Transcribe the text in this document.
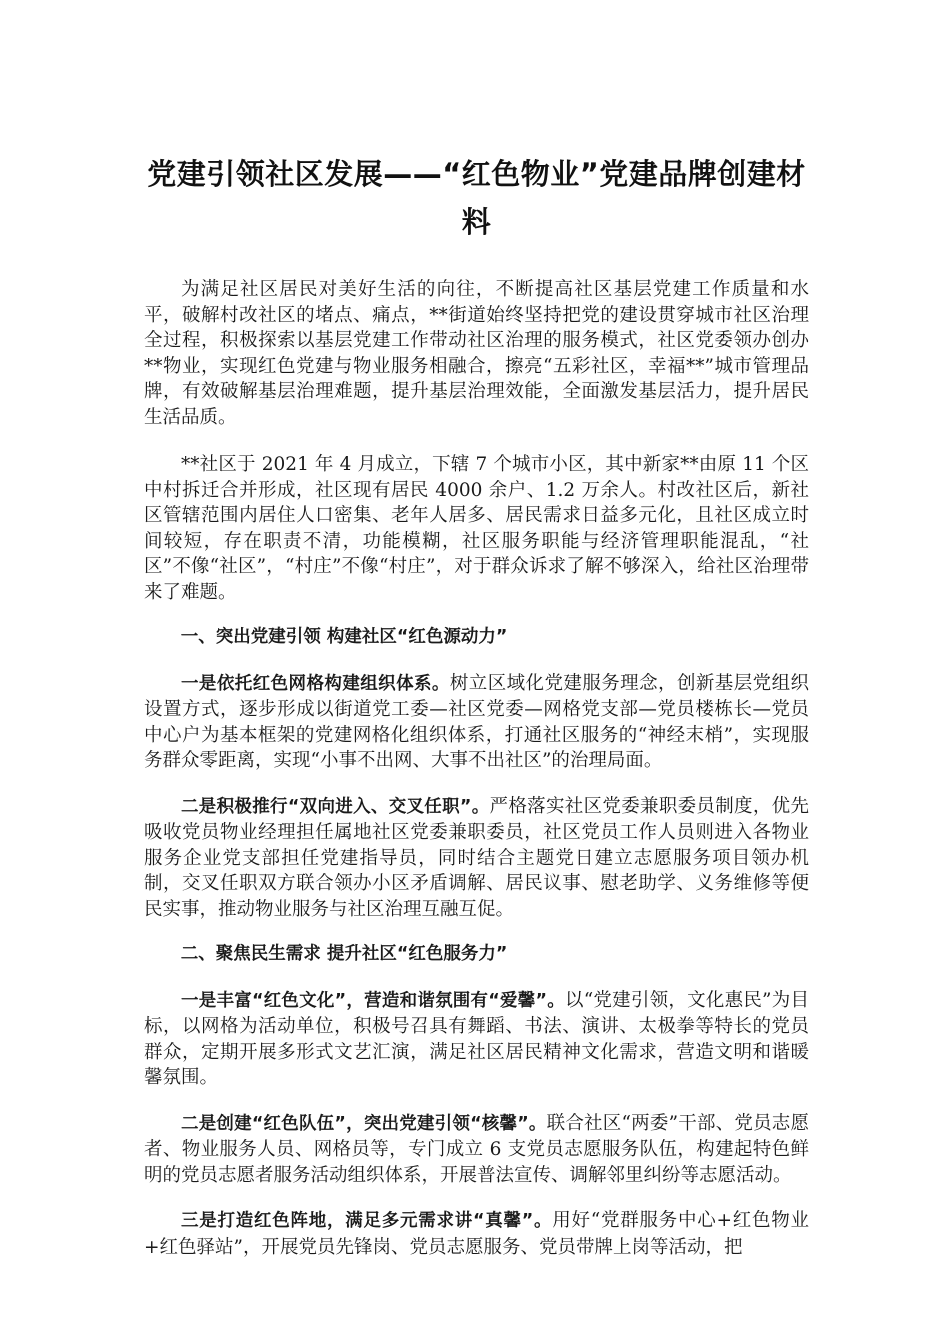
党建引领社区发展——“红色物业”党建品牌创建材料

为满足社区居民对美好生活的向往，不断提高社区基层党建工作质量和水平，破解村改社区的堵点、痛点，**街道始终坚持把党的建设贯穿城市社区治理全过程，积极探索以基层党建工作带动社区治理的服务模式，社区党委领办创办**物业，实现红色党建与物业服务相融合，擦亮“五彩社区，幸福**”城市管理品牌，有效破解基层治理难题，提升基层治理效能，全面激发基层活力，提升居民生活品质。

**社区于 2021 年 4 月成立，下辖 7 个城市小区，其中新家**由原 11 个区中村拆迁合并形成，社区现有居民 4000 余户、1.2 万余人。村改社区后，新社区管辖范围内居住人口密集、老年人居多、居民需求日益多元化，且社区成立时间较短，存在职责不清，功能模糊，社区服务职能与经济管理职能混乱，“社区”不像“社区”，“村庄”不像“村庄”，对于群众诉求了解不够深入，给社区治理带来了难题。

一、突出党建引领 构建社区“红色源动力”

一是依托红色网格构建组织体系。树立区域化党建服务理念，创新基层党组织设置方式，逐步形成以街道党工委—社区党委—网格党支部—党员楼栋长—党员中心户为基本框架的党建网格化组织体系，打通社区服务的“神经末梢”，实现服务群众零距离，实现“小事不出网、大事不出社区”的治理局面。

二是积极推行“双向进入、交叉任职”。严格落实社区党委兼职委员制度，优先吸收党员物业经理担任属地社区党委兼职委员，社区党员工作人员则进入各物业服务企业党支部担任党建指导员，同时结合主题党日建立志愿服务项目领办机制，交叉任职双方联合领办小区矛盾调解、居民议事、慰老助学、义务维修等便民实事，推动物业服务与社区治理互融互促。

二、聚焦民生需求 提升社区“红色服务力”

一是丰富“红色文化”，营造和谐氛围有“爱馨”。以“党建引领，文化惠民”为目标，以网格为活动单位，积极号召具有舞蹈、书法、演讲、太极拳等特长的党员群众，定期开展多形式文艺汇演，满足社区居民精神文化需求，营造文明和谐暖馨氛围。

二是创建“红色队伍”，突出党建引领“核馨”。联合社区“两委”干部、党员志愿者、物业服务人员、网格员等，专门成立 6 支党员志愿服务队伍，构建起特色鲜明的党员志愿者服务活动组织体系，开展普法宣传、调解邻里纠纷等志愿活动。

三是打造红色阵地，满足多元需求讲“真馨”。用好“党群服务中心+红色物业+红色驿站”，开展党员先锋岗、党员志愿服务、党员带牌上岗等活动，把
